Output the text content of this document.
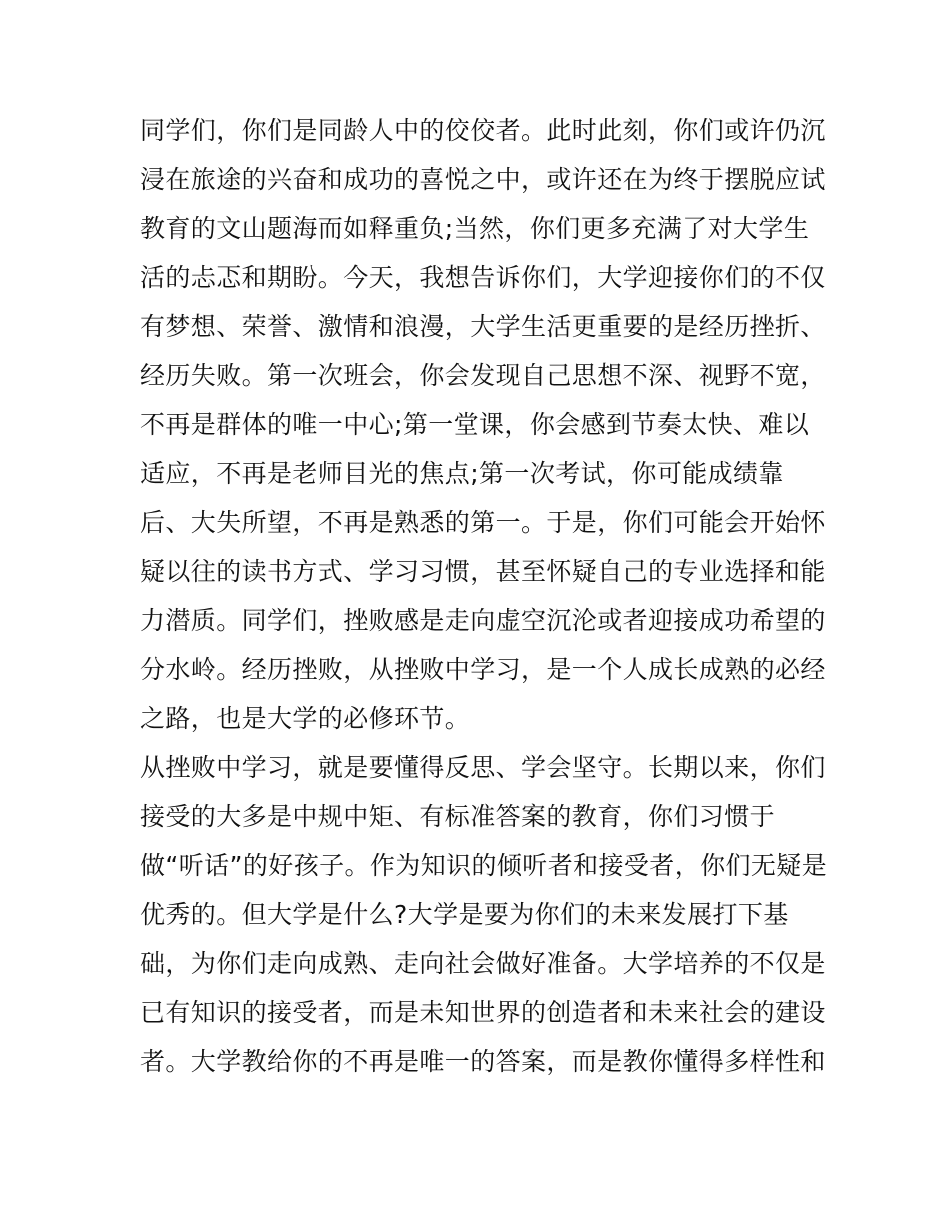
同学们，你们是同龄人中的佼佼者。此时此刻，你们或许仍沉
浸在旅途的兴奋和成功的喜悦之中，或许还在为终于摆脱应试
教育的文山题海而如释重负;当然，你们更多充满了对大学生
活的忐忑和期盼。今天，我想告诉你们，大学迎接你们的不仅
有梦想、荣誉、激情和浪漫，大学生活更重要的是经历挫折、
经历失败。第一次班会，你会发现自己思想不深、视野不宽，
不再是群体的唯一中心;第一堂课，你会感到节奏太快、难以
适应，不再是老师目光的焦点;第一次考试，你可能成绩靠
后、大失所望，不再是熟悉的第一。于是，你们可能会开始怀
疑以往的读书方式、学习习惯，甚至怀疑自己的专业选择和能
力潜质。同学们，挫败感是走向虚空沉沦或者迎接成功希望的
分水岭。经历挫败，从挫败中学习，是一个人成长成熟的必经
之路，也是大学的必修环节。
从挫败中学习，就是要懂得反思、学会坚守。长期以来，你们
接受的大多是中规中矩、有标准答案的教育，你们习惯于
做“听话”的好孩子。作为知识的倾听者和接受者，你们无疑是
优秀的。但大学是什么?大学是要为你们的未来发展打下基
础，为你们走向成熟、走向社会做好准备。大学培养的不仅是
已有知识的接受者，而是未知世界的创造者和未来社会的建设
者。大学教给你的不再是唯一的答案，而是教你懂得多样性和
